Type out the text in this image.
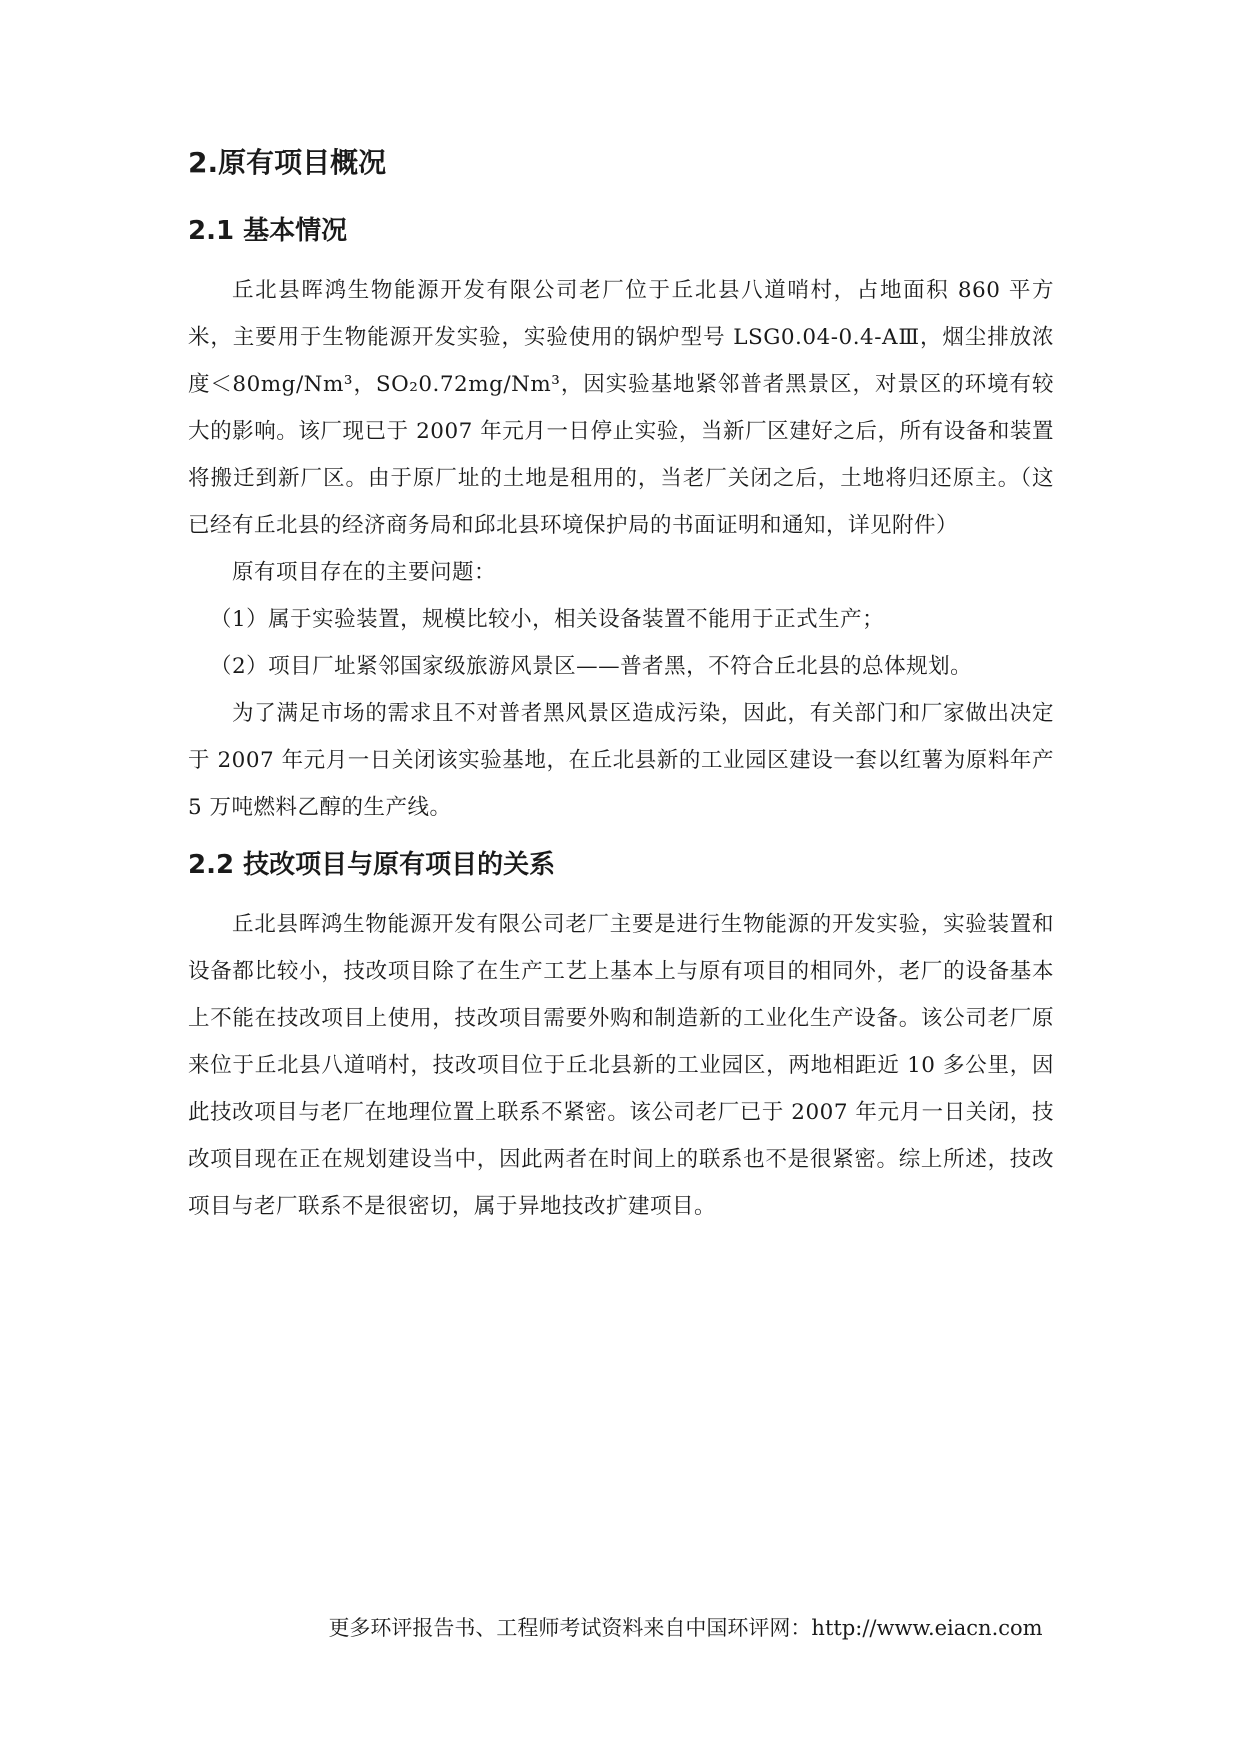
2.原有项目概况
2.1 基本情况

丘北县晖鸿生物能源开发有限公司老厂位于丘北县八道哨村，占地面积 860 平方米，主要用于生物能源开发实验，实验使用的锅炉型号 LSG0.04-0.4-AⅢ，烟尘排放浓度＜80mg/Nm³，SO₂0.72mg/Nm³，因实验基地紧邻普者黑景区，对景区的环境有较大的影响。该厂现已于 2007 年元月一日停止实验，当新厂区建好之后，所有设备和装置将搬迁到新厂区。由于原厂址的土地是租用的，当老厂关闭之后，土地将归还原主。（这已经有丘北县的经济商务局和邱北县环境保护局的书面证明和通知，详见附件）

原有项目存在的主要问题：

（1）属于实验装置，规模比较小，相关设备装置不能用于正式生产；

（2）项目厂址紧邻国家级旅游风景区——普者黑，不符合丘北县的总体规划。

为了满足市场的需求且不对普者黑风景区造成污染，因此，有关部门和厂家做出决定于 2007 年元月一日关闭该实验基地，在丘北县新的工业园区建设一套以红薯为原料年产 5 万吨燃料乙醇的生产线。

2.2 技改项目与原有项目的关系

丘北县晖鸿生物能源开发有限公司老厂主要是进行生物能源的开发实验，实验装置和设备都比较小，技改项目除了在生产工艺上基本上与原有项目的相同外，老厂的设备基本上不能在技改项目上使用，技改项目需要外购和制造新的工业化生产设备。该公司老厂原来位于丘北县八道哨村，技改项目位于丘北县新的工业园区，两地相距近 10 多公里，因此技改项目与老厂在地理位置上联系不紧密。该公司老厂已于 2007 年元月一日关闭，技改项目现在正在规划建设当中，因此两者在时间上的联系也不是很紧密。综上所述，技改项目与老厂联系不是很密切，属于异地技改扩建项目。

更多环评报告书、工程师考试资料来自中国环评网：http://www.eiacn.com
